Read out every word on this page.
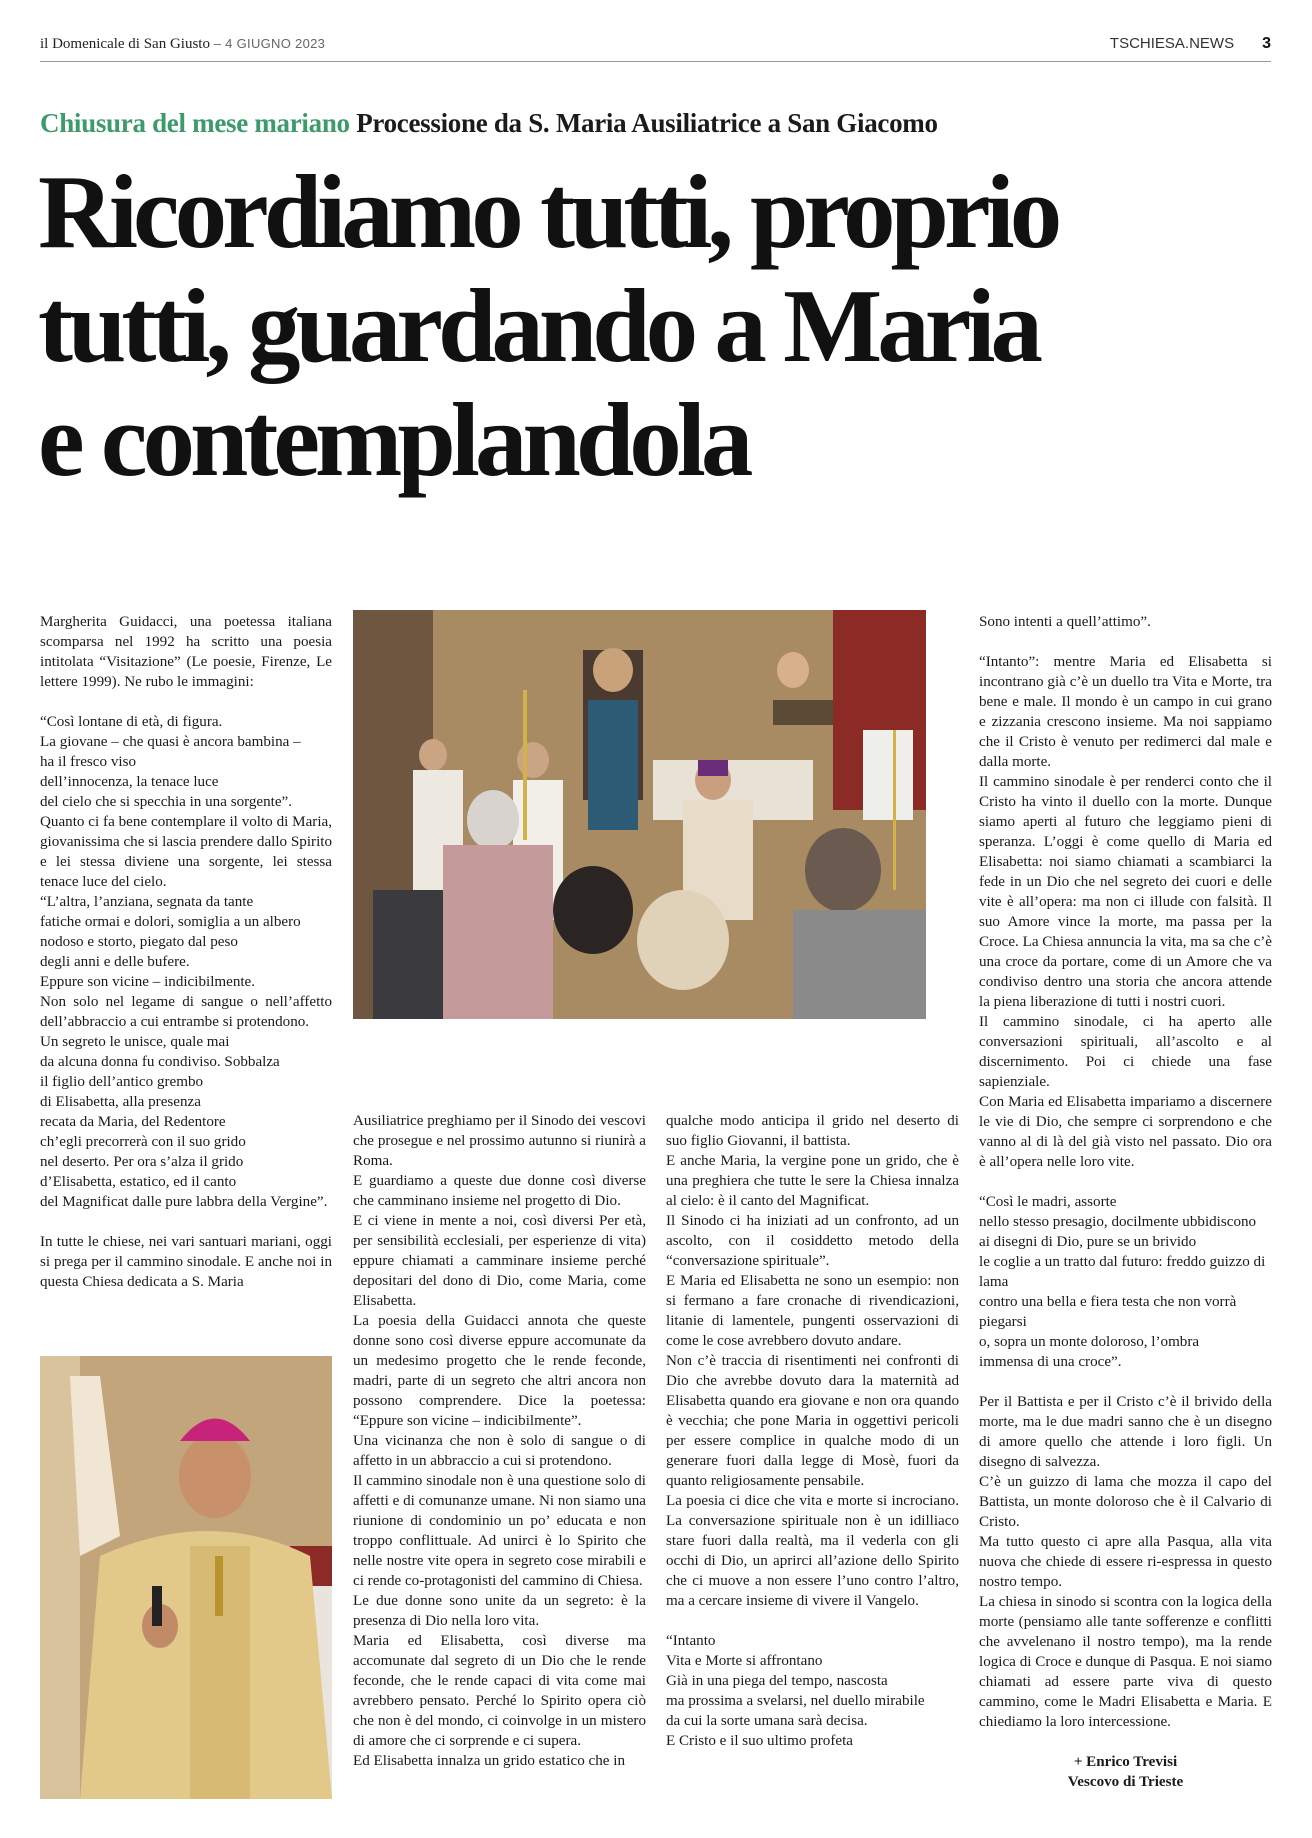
il Domenicale di San Giusto – 4 GIUGNO 2023	TSCHIESA.NEWS 3
Chiusura del mese mariano Processione da S. Maria Ausiliatrice a San Giacomo
Ricordiamo tutti, proprio
tutti, guardando a Maria
e contemplandola

Margherita Guidacci, una poetessa italiana scomparsa nel 1992 ha scritto una poesia intitolata “Visitazione” (Le poesie, Firenze, Le lettere 1999). Ne rubo le immagini:

“Così lontane di età, di figura.
La giovane – che quasi è ancora bambina –
ha il fresco viso
dell’innocenza, la tenace luce
del cielo che si specchia in una sorgente”.

Quanto ci fa bene contemplare il volto di Maria, giovanissima che si lascia prendere dallo Spirito e lei stessa diviene una sorgente, lei stessa tenace luce del cielo.

“L’altra, l’anziana, segnata da tante
fatiche ormai e dolori, somiglia a un albero
nodoso e storto, piegato dal peso
degli anni e delle bufere.
Eppure son vicine – indicibilmente.

Non solo nel legame di sangue o nell’affetto dell’abbraccio a cui entrambe si protendono.

Un segreto le unisce, quale mai
da alcuna donna fu condiviso. Sobbalza
il figlio dell’antico grembo
di Elisabetta, alla presenza
recata da Maria, del Redentore
ch’egli precorrerà con il suo grido
nel deserto. Per ora s’alza il grido
d’Elisabetta, estatico, ed il canto

del Magnificat dalle pure labbra della Vergine”.

In tutte le chiese, nei vari santuari mariani, oggi si prega per il cammino sinodale. E anche noi in questa Chiesa dedicata a S. Maria

Ausiliatrice preghiamo per il Sinodo dei vescovi che prosegue e nel prossimo autunno si riunirà a Roma.

E guardiamo a queste due donne così diverse che camminano insieme nel progetto di Dio.

E ci viene in mente a noi, così diversi Per età, per sensibilità ecclesiali, per esperienze di vita) eppure chiamati a camminare insieme perché depositari del dono di Dio, come Maria, come Elisabetta.

La poesia della Guidacci annota che queste donne sono così diverse eppure accomunate da un medesimo progetto che le rende feconde, madri, parte di un segreto che altri ancora non possono comprendere. Dice la poetessa: “Eppure son vicine – indicibilmente”.

Una vicinanza che non è solo di sangue o di affetto in un abbraccio a cui si protendono.

Il cammino sinodale non è una questione solo di affetti e di comunanze umane. Ni non siamo una riunione di condominio un po’ educata e non troppo conflittuale. Ad unirci è lo Spirito che nelle nostre vite opera in segreto cose mirabili e ci rende co-protagonisti del cammino di Chiesa.

Le due donne sono unite da un segreto: è la presenza di Dio nella loro vita.

Maria ed Elisabetta, così diverse ma accomunate dal segreto di un Dio che le rende feconde, che le rende capaci di vita come mai avrebbero pensato. Perché lo Spirito opera ciò che non è del mondo, ci coinvolge in un mistero di amore che ci sorprende e ci supera.

Ed Elisabetta innalza un grido estatico che in

qualche modo anticipa il grido nel deserto di suo figlio Giovanni, il battista.

E anche Maria, la vergine pone un grido, che è una preghiera che tutte le sere la Chiesa innalza al cielo: è il canto del Magnificat.

Il Sinodo ci ha iniziati ad un confronto, ad un ascolto, con il cosiddetto metodo della “conversazione spirituale”.

E Maria ed Elisabetta ne sono un esempio: non si fermano a fare cronache di rivendicazioni, litanie di lamentele, pungenti osservazioni di come le cose avrebbero dovuto andare.

Non c’è traccia di risentimenti nei confronti di Dio che avrebbe dovuto dara la maternità ad Elisabetta quando era giovane e non ora quando è vecchia; che pone Maria in oggettivi pericoli per essere complice in qualche modo di un generare fuori dalla legge di Mosè, fuori da quanto religiosamente pensabile.

La poesia ci dice che vita e morte si incrociano. La conversazione spirituale non è un idilliaco stare fuori dalla realtà, ma il vederla con gli occhi di Dio, un aprirci all’azione dello Spirito che ci muove a non essere l’uno contro l’altro, ma a cercare insieme di vivere il Vangelo.

“Intanto
Vita e Morte si affrontano
Già in una piega del tempo, nascosta
ma prossima a svelarsi, nel duello mirabile
da cui la sorte umana sarà decisa.
E Cristo e il suo ultimo profeta

Sono intenti a quell’attimo”.

“Intanto”: mentre Maria ed Elisabetta si incontrano già c’è un duello tra Vita e Morte, tra bene e male. Il mondo è un campo in cui grano e zizzania crescono insieme. Ma noi sappiamo che il Cristo è venuto per redimerci dal male e dalla morte.

Il cammino sinodale è per renderci conto che il Cristo ha vinto il duello con la morte. Dunque siamo aperti al futuro che leggiamo pieni di speranza. L’oggi è come quello di Maria ed Elisabetta: noi siamo chiamati a scambiarci la fede in un Dio che nel segreto dei cuori e delle vite è all’opera: ma non ci illude con falsità. Il suo Amore vince la morte, ma passa per la Croce. La Chiesa annuncia la vita, ma sa che c’è una croce da portare, come di un Amore che va condiviso dentro una storia che ancora attende la piena liberazione di tutti i nostri cuori.

Il cammino sinodale, ci ha aperto alle conversazioni spirituali, all’ascolto e al discernimento. Poi ci chiede una fase sapienziale.

Con Maria ed Elisabetta impariamo a discernere le vie di Dio, che sempre ci sorprendono e che vanno al di là del già visto nel passato. Dio ora è all’opera nelle loro vite.

“Così le madri, assorte
nello stesso presagio, docilmente ubbidiscono
ai disegni di Dio, pure se un brivido
le coglie a un tratto dal futuro: freddo guizzo di lama
contro una bella e fiera testa che non vorrà piegarsi
o, sopra un monte doloroso, l’ombra
immensa di una croce”.

Per il Battista e per il Cristo c’è il brivido della morte, ma le due madri sanno che è un disegno di amore quello che attende i loro figli. Un disegno di salvezza.

C’è un guizzo di lama che mozza il capo del Battista, un monte doloroso che è il Calvario di Cristo.

Ma tutto questo ci apre alla Pasqua, alla vita nuova che chiede di essere ri-espressa in questo nostro tempo.

La chiesa in sinodo si scontra con la logica della morte (pensiamo alle tante sofferenze e conflitti che avvelenano il nostro tempo), ma la rende logica di Croce e dunque di Pasqua. E noi siamo chiamati ad essere parte viva di questo cammino, come le Madri Elisabetta e Maria. E chiediamo la loro intercessione.

+ Enrico Trevisi
Vescovo di Trieste
